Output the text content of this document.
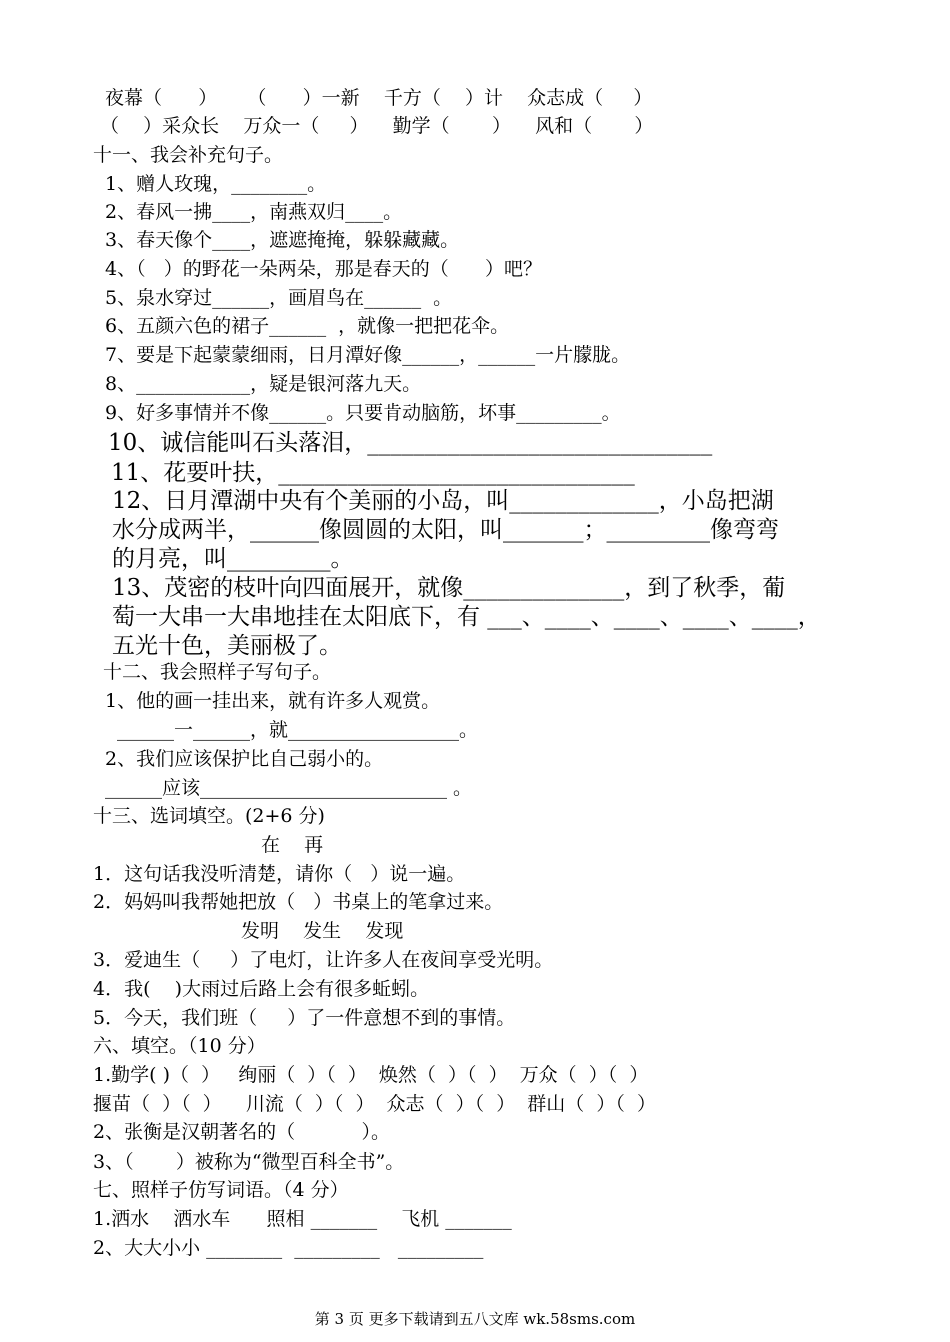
夜幕（      ）     （      ）一新    千方（    ）计    众志成（     ）
（    ）采众长    万众一（     ）    勤学（       ）    风和（       ）
十一、我会补充句子。
1、赠人玫瑰，________。
2、春风一拂____，南燕双归____。
3、春天像个____，遮遮掩掩，躲躲藏藏。
4、（   ）的野花一朵两朵，那是春天的（      ）吧？
5、泉水穿过______，画眉鸟在______  。
6、五颜六色的裙子______  ，就像一把把花伞。
7、要是下起蒙蒙细雨，日月潭好像______，______一片朦胧。
8、____________，疑是银河落九天。
9、好多事情并不像______。只要肯动脑筋，坏事_________。
10、诚信能叫石头落泪，______________________________
11、花要叶扶，_______________________________
12、日月潭湖中央有个美丽的小岛，叫_____________，小岛把湖
水分成两半，______像圆圆的太阳，叫_______；_________像弯弯
的月亮，叫_________。
13、茂密的枝叶向四面展开，就像______________，到了秋季，葡
萄一大串一大串地挂在太阳底下，有 ___、____、____、____、____，
五光十色，美丽极了。
十二、我会照样子写句子。
1、他的画一挂出来，就有许多人观赏。
______一______，就__________________。
2、我们应该保护比自己弱小的。
______应该__________________________ 。
十三、选词填空。(2+6 分)
在    再
1．这句话我没听清楚，请你（   ）说一遍。
2．妈妈叫我帮她把放（   ）书桌上的笔拿过来。
发明    发生    发现
3．爱迪生（     ）了电灯，让许多人在夜间享受光明。
4．我(    )大雨过后路上会有很多蚯蚓。
5．今天，我们班（     ）了一件意想不到的事情。
六、填空。（10 分）
1.勤学( )（  ）   绚丽（  ）（  ）  焕然（  ）（  ）  万众（  ）（  ）
揠苗（  ）（  ）    川流（  ）（  ）  众志（  ）（  ）  群山（  ）（  ）
2、张衡是汉朝著名的（           ）。
3、（       ）被称为“微型百科全书”。
七、照样子仿写词语。（4 分）
1.洒水    洒水车      照相 _______    飞机 _______
2、大大小小 ________  _________   _________
第 3 页 更多下载请到五八文库 wk.58sms.com
